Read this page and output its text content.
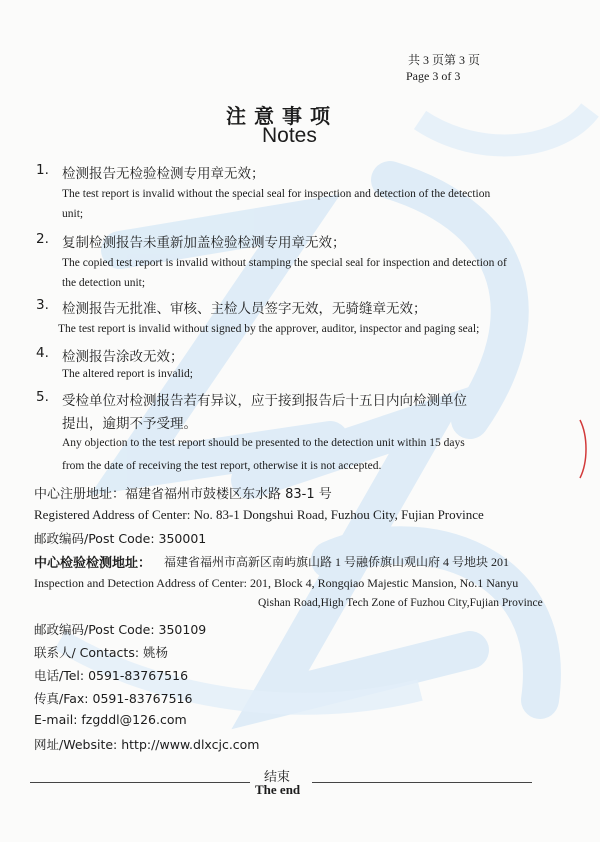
共 3 页第 3 页
Page 3 of 3
注意事项
Notes
1. 检测报告无检验检测专用章无效；
The test report is invalid without the special seal for inspection and detection of the detection
unit;
2. 复制检测报告未重新加盖检验检测专用章无效；
The copied test report is invalid without stamping the special seal for inspection and detection of
the detection unit;
3. 检测报告无批准、审核、主检人员签字无效，无骑缝章无效；
The test report is invalid without signed by the approver, auditor, inspector and paging seal;
4. 检测报告涂改无效；
The altered report is invalid;
5. 受检单位对检测报告若有异议，应于接到报告后十五日内向检测单位
提出，逾期不予受理。
Any objection to the test report should be presented to the detection unit within 15 days
from the date of receiving the test report, otherwise it is not accepted.
中心注册地址：福建省福州市鼓楼区东水路 83-1 号
Registered Address of Center: No. 83-1 Dongshui Road, Fuzhou City, Fujian Province
邮政编码/Post Code: 350001
中心检验检测地址： 福建省福州市高新区南屿旗山路 1 号融侨旗山观山府 4 号地块 201
Inspection and Detection Address of Center: 201, Block 4, Rongqiao Majestic Mansion, No.1 Nanyu
Qishan Road,High Tech Zone of Fuzhou City,Fujian Province
邮政编码/Post Code: 350109
联系人/ Contacts: 姚杨
电话/Tel: 0591-83767516
传真/Fax: 0591-83767516
E-mail: fzgddl@126.com
网址/Website: http://www.dlxcjc.com
结束
The end
